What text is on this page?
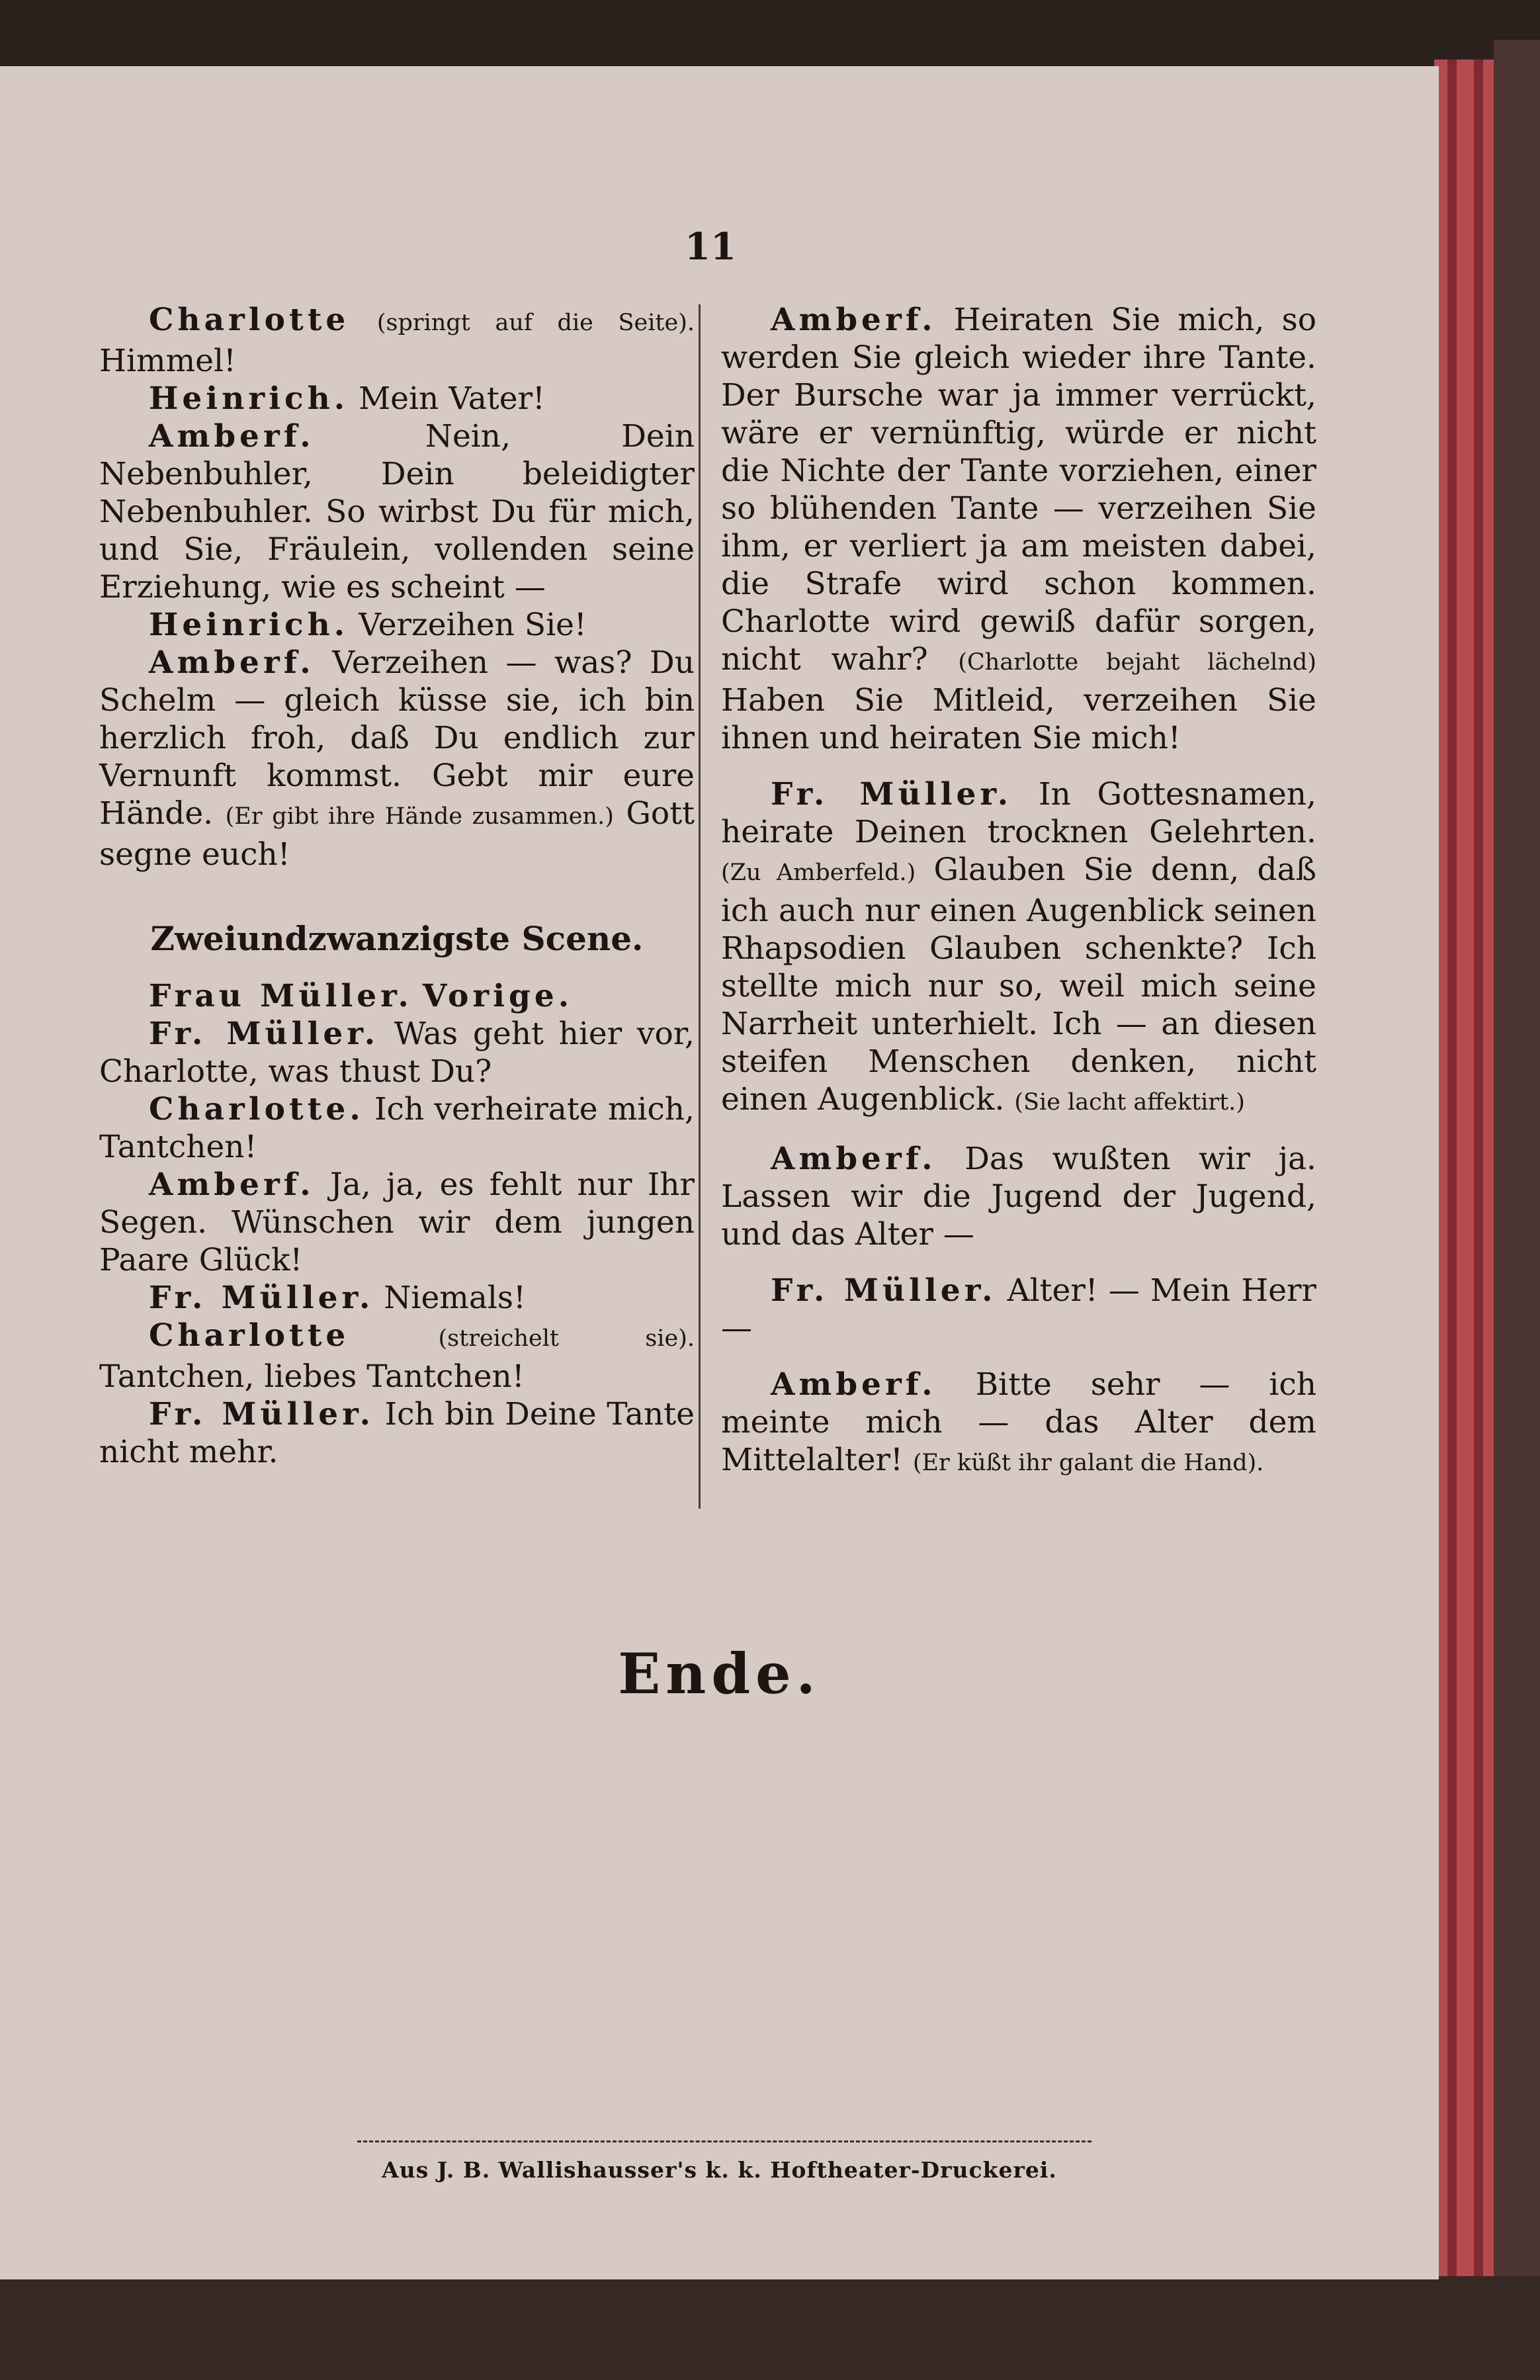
11

Charlotte (springt auf die Seite). Himmel!

Heinrich. Mein Vater!

Amberf.	Nein, Dein Nebenbuhler, Dein beleidigter Nebenbuhler. So wirbst Du für mich, und Sie, Fräulein, vollenden seine Erziehung, wie es scheint —

Heinrich. Verzeihen Sie!

Amberf. Verzeihen — was? Du Schelm — gleich küsse sie, ich bin herzlich froh, daß Du endlich zur Vernunft kommst. Gebt mir eure Hände. (Er gibt ihre Hände zusammen.) Gott segne euch!

Zweiundzwanzigste Scene.

Frau Müller. Vorige.

Fr. Müller. Was geht hier vor, Charlotte, was thust Du?

Charlotte. Ich verheirate mich, Tantchen!

Amberf. Ja, ja, es fehlt nur Ihr Segen. Wünschen wir dem jungen Paare Glück!

Fr. Müller. Niemals!

Charlotte	(streichelt sie). Tantchen, liebes Tantchen!

Fr. Müller. Ich bin Deine Tante nicht mehr.

Amberf. Heiraten Sie mich, so werden Sie gleich wieder ihre Tante. Der Bursche war ja immer verrückt, wäre er vernünftig, würde er nicht die Nichte der Tante vorziehen, einer so blühenden Tante — verzeihen Sie ihm, er verliert ja am meisten dabei, die Strafe wird schon kommen. Charlotte wird gewiß dafür sorgen, nicht wahr? (Charlotte bejaht lächelnd) Haben Sie Mitleid, verzeihen Sie ihnen und heiraten Sie mich!

Fr. Müller. In Gottesnamen, heirate Deinen trocknen Gelehrten. (Zu Amberfeld.) Glauben Sie denn, daß ich auch nur einen Augenblick seinen Rhapsodien Glauben schenkte? Ich stellte mich nur so, weil mich seine Narrheit unterhielt. Ich — an diesen steifen Menschen denken, nicht einen Augenblick. (Sie lacht affektirt.)

Amberf. Das wußten wir ja. Lassen wir die Jugend der Jugend, und das Alter —

Fr. Müller. Alter! — Mein Herr —

Amberf. Bitte sehr — ich meinte mich — das Alter dem Mittelalter! (Er küßt ihr galant die Hand).

Ende.
Aus J. B. Wallishausser's k. k. Hoftheater-Druckerei.
